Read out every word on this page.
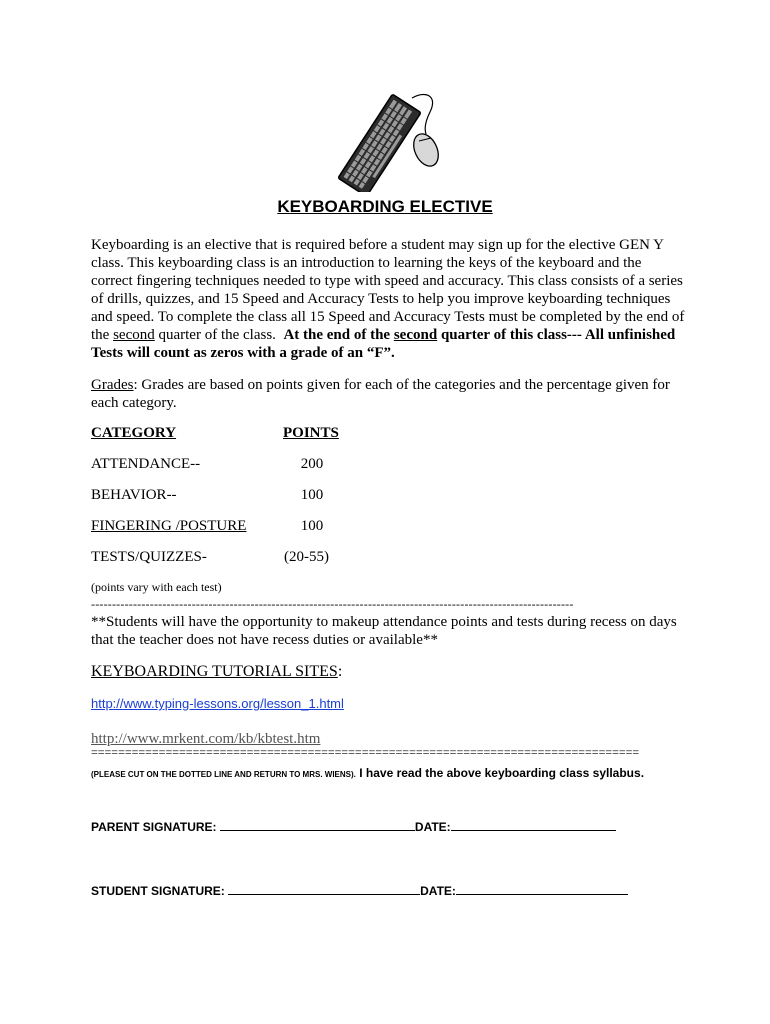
KEYBOARDING ELECTIVE
Keyboarding is an elective that is required before a student may sign up for the elective GEN Y class. This keyboarding class is an introduction to learning the keys of the keyboard and the correct fingering techniques needed to type with speed and accuracy. This class consists of a series of drills, quizzes, and 15 Speed and Accuracy Tests to help you improve keyboarding techniques and speed. To complete the class all 15 Speed and Accuracy Tests must be completed by the end of the second quarter of the class. At the end of the second quarter of this class--- All unfinished Tests will count as zeros with a grade of an “F”.
Grades: Grades are based on points given for each of the categories and the percentage given for each category.
CATEGORY	POINTS
ATTENDANCE--	200
BEHAVIOR--	100
FINGERING /POSTURE	100
TESTS/QUIZZES-	(20-55)
(points vary with each test)
-------------------------------------------------------------------------------------------------------------------
**Students will have the opportunity to makeup attendance points and tests during recess on days that the teacher does not have recess duties or available**
KEYBOARDING TUTORIAL SITES:
http://www.typing-lessons.org/lesson_1.html
http://www.mrkent.com/kb/kbtest.htm
=================================================================================
(PLEASE CUT ON THE DOTTED LINE AND RETURN TO MRS. WIENS). I have read the above keyboarding class syllabus.
PARENT SIGNATURE:	DATE:
STUDENT SIGNATURE:	DATE:
